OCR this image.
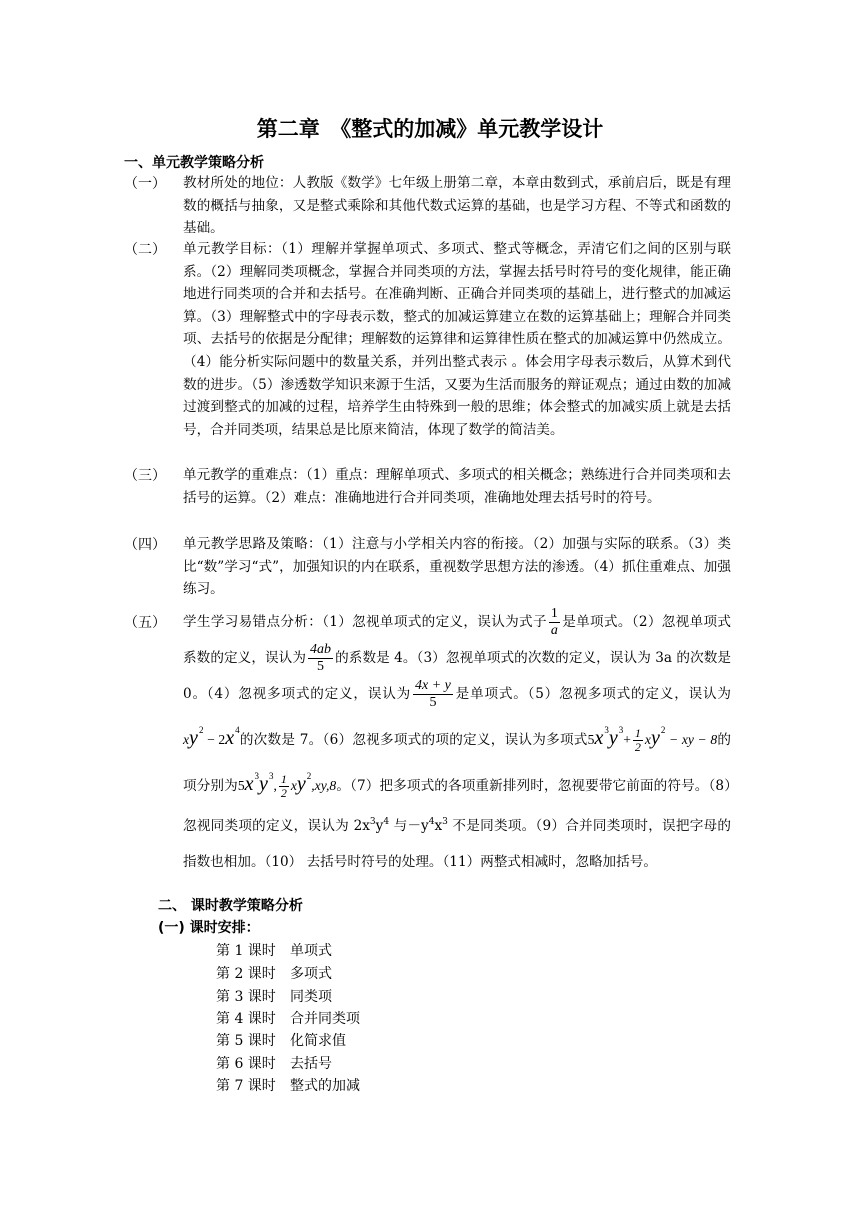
第二章　《整式的加减》单元教学设计
一、单元教学策略分析
（一） 教材所处的地位：人教版《数学》七年级上册第二章，本章由数到式，承前启后，既是有理数的概括与抽象，又是整式乘除和其他代数式运算的基础，也是学习方程、不等式和函数的基础。
（二） 单元教学目标：（1）理解并掌握单项式、多项式、整式等概念，弄清它们之间的区别与联系。（2）理解同类项概念，掌握合并同类项的方法，掌握去括号时符号的变化规律，能正确地进行同类项的合并和去括号。在准确判断、正确合并同类项的基础上，进行整式的加减运算。（3）理解整式中的字母表示数，整式的加减运算建立在数的运算基础上；理解合并同类项、去括号的依据是分配律；理解数的运算律和运算律性质在整式的加减运算中仍然成立。（4）能分析实际问题中的数量关系，并列出整式表示 。体会用字母表示数后，从算术到代数的进步。（5）渗透数学知识来源于生活，又要为生活而服务的辩证观点；通过由数的加减过渡到整式的加减的过程，培养学生由特殊到一般的思维；体会整式的加减实质上就是去括号，合并同类项，结果总是比原来简洁，体现了数学的简洁美。
（三） 单元教学的重难点：（1）重点：理解单项式、多项式的相关概念；熟练进行合并同类项和去括号的运算。（2）难点：准确地进行合并同类项，准确地处理去括号时的符号。
（四） 单元教学思路及策略：（1）注意与小学相关内容的衔接。（2）加强与实际的联系。（3）类比“数”学习“式”，加强知识的内在联系，重视数学思想方法的渗透。（4）抓住重难点、加强练习。
（五） 学生学习易错点分析：（1）忽视单项式的定义，误认为式子 $\frac{1}{a}$ 是单项式。（2）忽视单项式系数的定义，误认为 $\frac{4ab}{5}$ 的系数是 4。（3）忽视单项式的次数的定义，误认为 3a 的次数是 0。（4）忽视多项式的定义，误认为 $\frac{4x + y}{5}$ 是单项式。（5）忽视多项式的定义，误认为$xy^2 - 2x^4$的次数是 7。（6）忽视多项式的项的定义，误认为多项式$5x^3y^3+ \frac{1}{2} xy^2$ − xy − 8的项分别为$5x^3y^3$, $\frac{1}{2} xy^2,xy,8$。（7）把多项式的各项重新排列时，忽视要带它前面的符号。（8）忽视同类项的定义，误认为 $2x^3y^4$ 与$-y^4x^3$ 不是同类项。（9）合并同类项时，误把字母的指数也相加。（10） 去括号时符号的处理。（11）两整式相减时，忽略加括号。
二、 课时教学策略分析
(一) 课时安排：
第 1 课时 单项式
第 2 课时 多项式
第 3 课时 同类项
第 4 课时 合并同类项
第 5 课时 化简求值
第 6 课时 去括号
第 7 课时 整式的加减
